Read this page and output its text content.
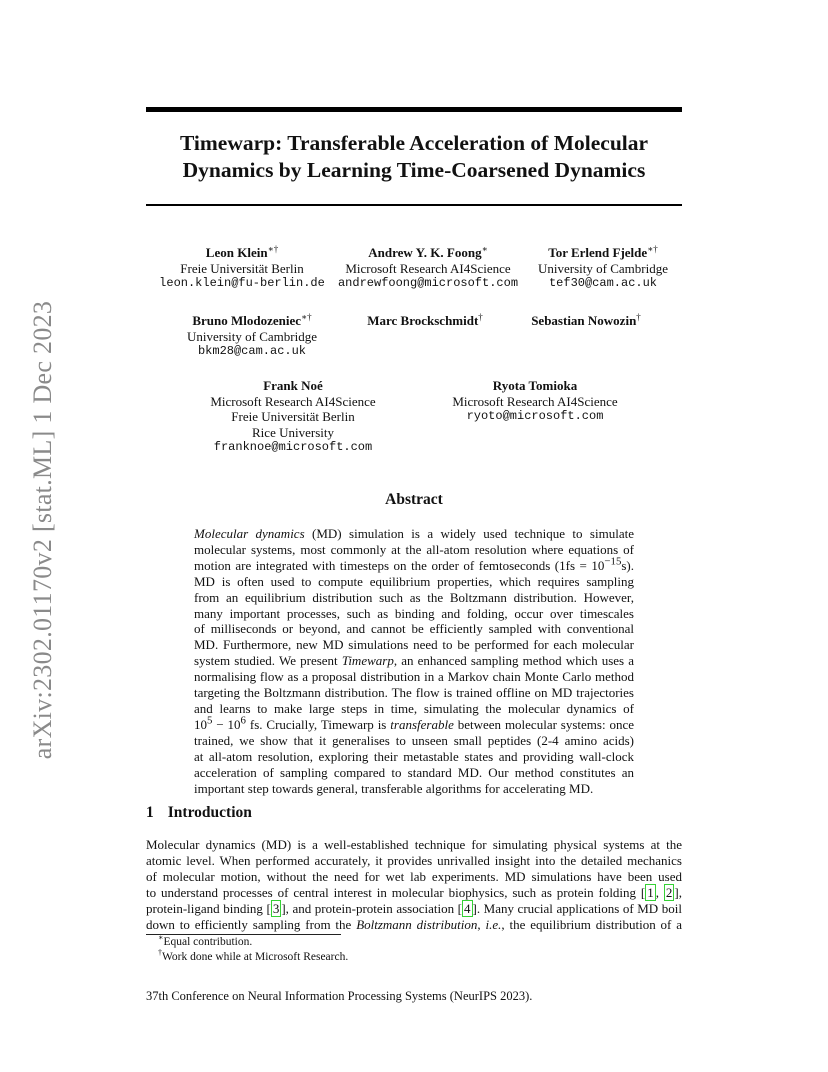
arXiv:2302.01170v2 [stat.ML] 1 Dec 2023
Timewarp: Transferable Acceleration of Molecular
Dynamics by Learning Time-Coarsened Dynamics
Leon Klein∗†
Freie Universität Berlin
leon.klein@fu-berlin.de
Andrew Y. K. Foong∗
Microsoft Research AI4Science
andrewfoong@microsoft.com
Tor Erlend Fjelde∗†
University of Cambridge
tef30@cam.ac.uk
Bruno Mlodozeniec∗†
University of Cambridge
bkm28@cam.ac.uk
Marc Brockschmidt†	Sebastian Nowozin†
Frank Noé
Microsoft Research AI4Science
Freie Universität Berlin
Rice University
franknoe@microsoft.com
Ryota Tomioka
Microsoft Research AI4Science
ryoto@microsoft.com
Abstract
Molecular dynamics (MD) simulation is a widely used technique to simulate
molecular systems, most commonly at the all-atom resolution where equations of
motion are integrated with timesteps on the order of femtoseconds $(1fs = 10^{-15}s)$.
MD is often used to compute equilibrium properties, which requires sampling
from an equilibrium distribution such as the Boltzmann distribution. However,
many important processes, such as binding and folding, occur over timescales
of milliseconds or beyond, and cannot be efficiently sampled with conventional
MD. Furthermore, new MD simulations need to be performed for each molecular
system studied. We present Timewarp, an enhanced sampling method which uses a
normalising flow as a proposal distribution in a Markov chain Monte Carlo method
targeting the Boltzmann distribution. The flow is trained offline on MD trajectories
and learns to make large steps in time, simulating the molecular dynamics of
$10^5 - 10^6$ fs. Crucially, Timewarp is transferable between molecular systems: once
trained, we show that it generalises to unseen small peptides (2-4 amino acids)
at all-atom resolution, exploring their metastable states and providing wall-clock
acceleration of sampling compared to standard MD. Our method constitutes an
important step towards general, transferable algorithms for accelerating MD.
1 Introduction
Molecular dynamics (MD) is a well-established technique for simulating physical systems at the
atomic level. When performed accurately, it provides unrivalled insight into the detailed mechanics
of molecular motion, without the need for wet lab experiments. MD simulations have been used
to understand processes of central interest in molecular biophysics, such as protein folding [ 1 , 2 ],
protein-ligand binding [ 3 ], and protein-protein association [ 4 ]. Many crucial applications of MD boil
down to efficiently sampling from the Boltzmann distribution, i.e., the equilibrium distribution of a
∗Equal contribution.
†Work done while at Microsoft Research.
37th Conference on Neural Information Processing Systems (NeurIPS 2023).
